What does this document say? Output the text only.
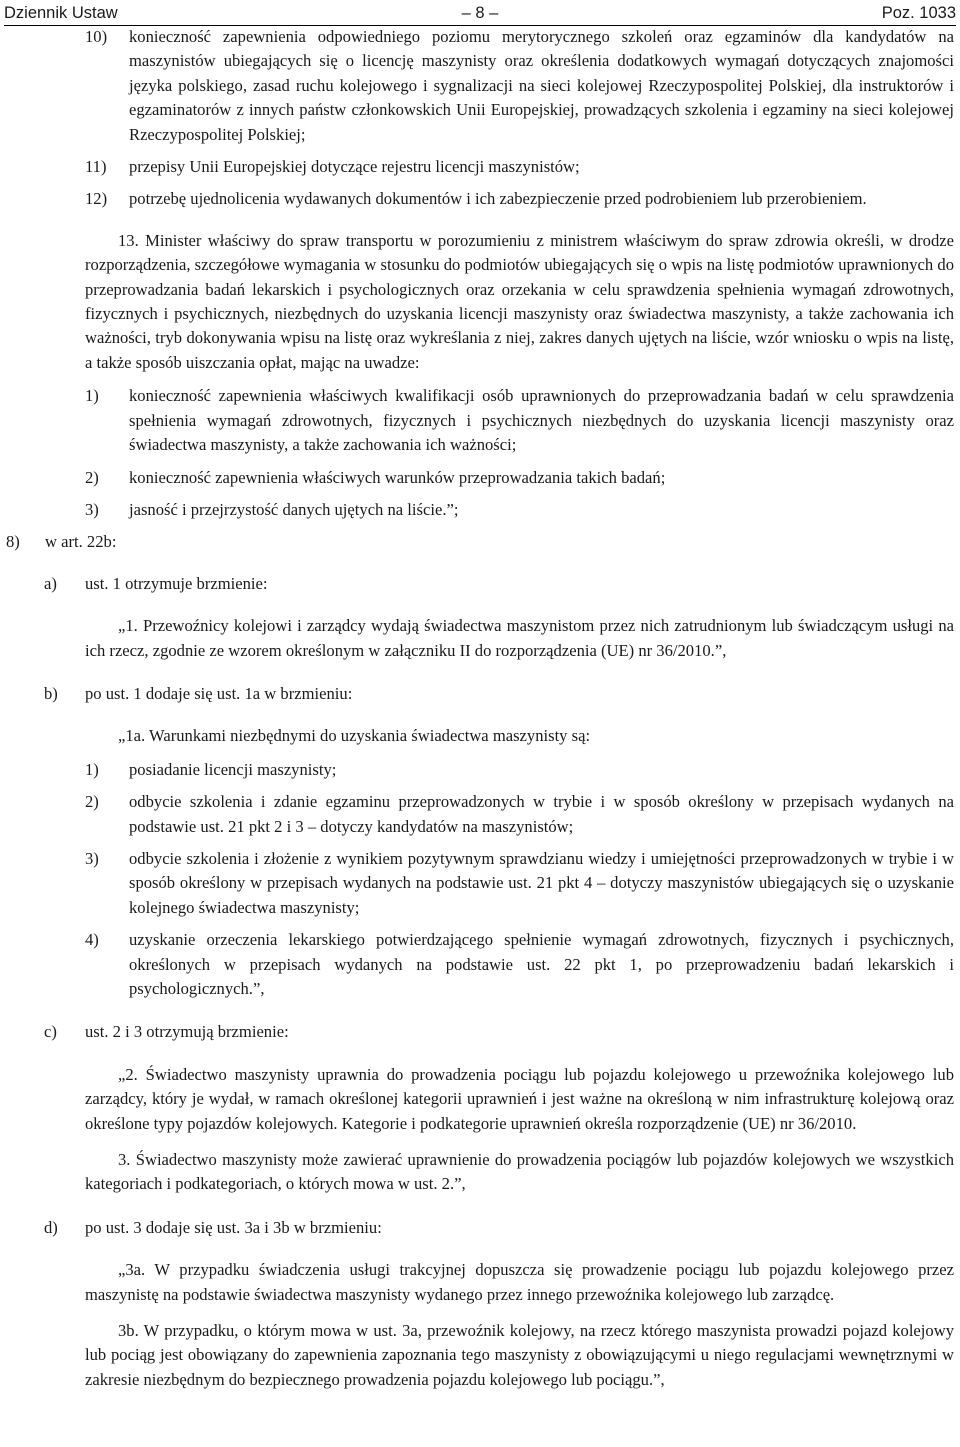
Dziennik Ustaw	– 8 –	Poz. 1033
10) konieczność zapewnienia odpowiedniego poziomu merytorycznego szkoleń oraz egzaminów dla kandydatów na maszynistów ubiegających się o licencję maszynisty oraz określenia dodatkowych wymagań dotyczących znajomości języka polskiego, zasad ruchu kolejowego i sygnalizacji na sieci kolejowej Rzeczypospolitej Polskiej, dla instruktorów i egzaminatorów z innych państw członkowskich Unii Europejskiej, prowadzących szkolenia i egzaminy na sieci kolejowej Rzeczypospolitej Polskiej;
11) przepisy Unii Europejskiej dotyczące rejestru licencji maszynistów;
12) potrzebę ujednolicenia wydawanych dokumentów i ich zabezpieczenie przed podrobieniem lub przerobieniem.
13. Minister właściwy do spraw transportu w porozumieniu z ministrem właściwym do spraw zdrowia określi, w drodze rozporządzenia, szczegółowe wymagania w stosunku do podmiotów ubiegających się o wpis na listę podmiotów uprawnionych do przeprowadzania badań lekarskich i psychologicznych oraz orzekania w celu sprawdzenia spełnienia wymagań zdrowotnych, fizycznych i psychicznych, niezbędnych do uzyskania licencji maszynisty oraz świadectwa maszynisty, a także zachowania ich ważności, tryb dokonywania wpisu na listę oraz wykreślania z niej, zakres danych ujętych na liście, wzór wniosku o wpis na listę, a także sposób uiszczania opłat, mając na uwadze:
1) konieczność zapewnienia właściwych kwalifikacji osób uprawnionych do przeprowadzania badań w celu sprawdzenia spełnienia wymagań zdrowotnych, fizycznych i psychicznych niezbędnych do uzyskania licencji maszynisty oraz świadectwa maszynisty, a także zachowania ich ważności;
2) konieczność zapewnienia właściwych warunków przeprowadzania takich badań;
3) jasność i przejrzystość danych ujętych na liście.”;
8) w art. 22b:
a) ust. 1 otrzymuje brzmienie:
„1. Przewoźnicy kolejowi i zarządcy wydają świadectwa maszynistom przez nich zatrudnionym lub świadczącym usługi na ich rzecz, zgodnie ze wzorem określonym w załączniku II do rozporządzenia (UE) nr 36/2010.”,
b) po ust. 1 dodaje się ust. 1a w brzmieniu:
„1a. Warunkami niezbędnymi do uzyskania świadectwa maszynisty są:
1) posiadanie licencji maszynisty;
2) odbycie szkolenia i zdanie egzaminu przeprowadzonych w trybie i w sposób określony w przepisach wydanych na podstawie ust. 21 pkt 2 i 3 – dotyczy kandydatów na maszynistów;
3) odbycie szkolenia i złożenie z wynikiem pozytywnym sprawdzianu wiedzy i umiejętności przeprowadzonych w trybie i w sposób określony w przepisach wydanych na podstawie ust. 21 pkt 4 – dotyczy maszynistów ubiegających się o uzyskanie kolejnego świadectwa maszynisty;
4) uzyskanie orzeczenia lekarskiego potwierdzającego spełnienie wymagań zdrowotnych, fizycznych i psychicznych, określonych w przepisach wydanych na podstawie ust. 22 pkt 1, po przeprowadzeniu badań lekarskich i psychologicznych.”,
c) ust. 2 i 3 otrzymują brzmienie:
„2. Świadectwo maszynisty uprawnia do prowadzenia pociągu lub pojazdu kolejowego u przewoźnika kolejowego lub zarządcy, który je wydał, w ramach określonej kategorii uprawnień i jest ważne na określoną w nim infrastrukturę kolejową oraz określone typy pojazdów kolejowych. Kategorie i podkategorie uprawnień określa rozporządzenie (UE) nr 36/2010.
3. Świadectwo maszynisty może zawierać uprawnienie do prowadzenia pociągów lub pojazdów kolejowych we wszystkich kategoriach i podkategoriach, o których mowa w ust. 2.”,
d) po ust. 3 dodaje się ust. 3a i 3b w brzmieniu:
„3a. W przypadku świadczenia usługi trakcyjnej dopuszcza się prowadzenie pociągu lub pojazdu kolejowego przez maszynistę na podstawie świadectwa maszynisty wydanego przez innego przewoźnika kolejowego lub zarządcę.
3b. W przypadku, o którym mowa w ust. 3a, przewoźnik kolejowy, na rzecz którego maszynista prowadzi pojazd kolejowy lub pociąg jest obowiązany do zapewnienia zapoznania tego maszynisty z obowiązującymi u niego regulacjami wewnętrznymi w zakresie niezbędnym do bezpiecznego prowadzenia pojazdu kolejowego lub pociągu.”,
